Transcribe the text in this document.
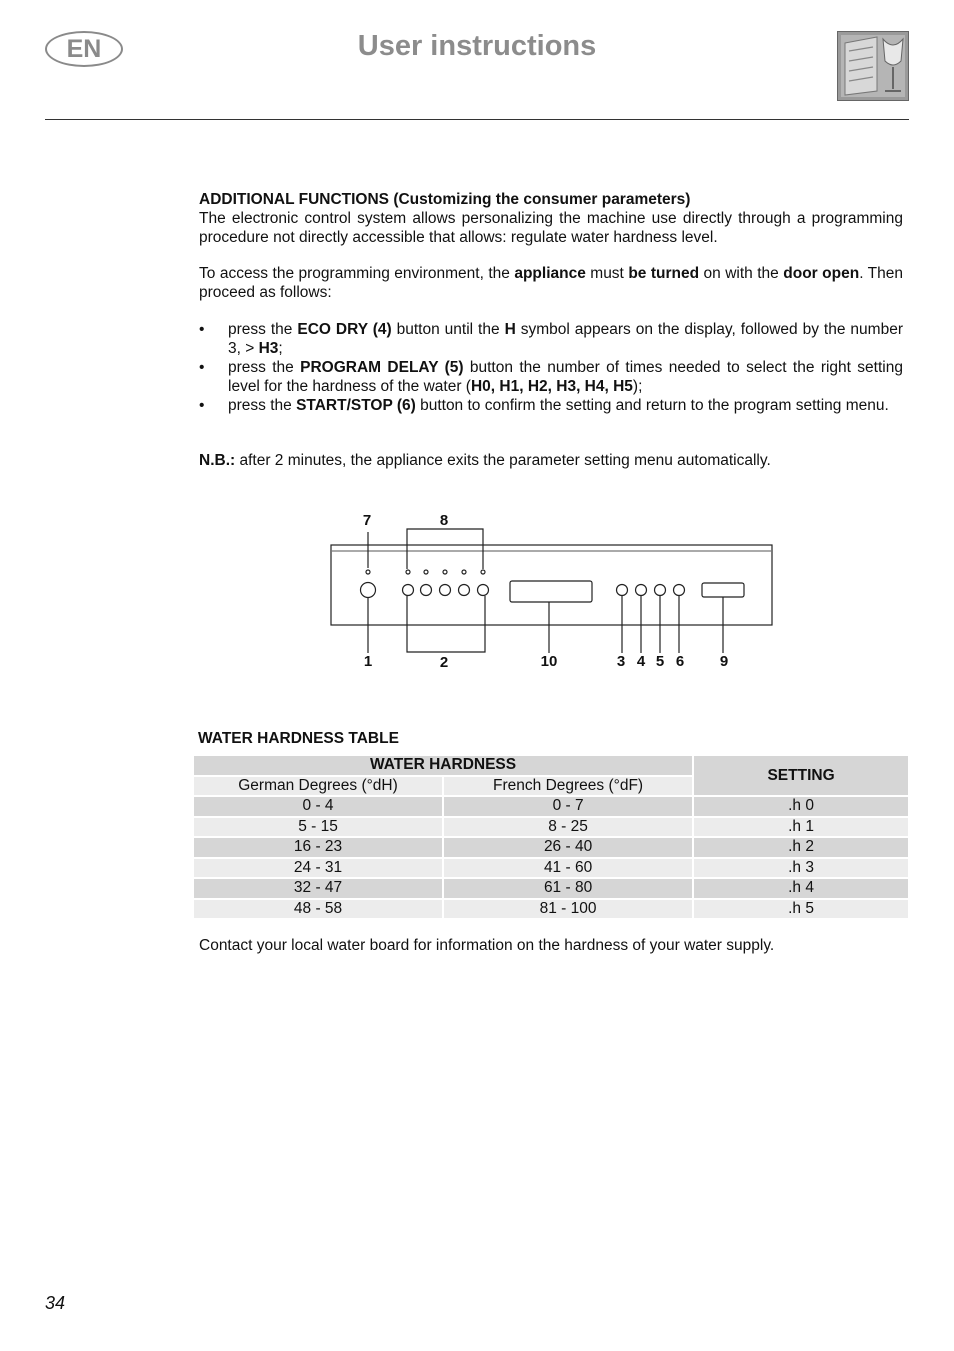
EN	User instructions
ADDITIONAL FUNCTIONS (Customizing the consumer parameters)
The electronic control system allows personalizing the machine use directly through a programming procedure not directly accessible that allows: regulate water hardness level.
To access the programming environment, the appliance must be turned on with the door open. Then proceed as follows:
• press the ECO DRY (4) button until the H symbol appears on the display, followed by the number 3, > H3;
• press the PROGRAM DELAY (5) button the number of times needed to select the right setting level for the hardness of the water (H0, H1, H2, H3, H4, H5);
• press the START/STOP (6) button to confirm the setting and return to the program setting menu.
N.B.: after 2 minutes, the appliance exits the parameter setting menu automatically.
7	8
1	2	10	3 4 5 6 9
WATER HARDNESS TABLE
WATER HARDNESS		SETTING
German Degrees (°dH)	French Degrees (°dF)	
0 - 4	0 - 7	.h 0
5 - 15	8 - 25	.h 1
16 - 23	26 - 40	.h 2
24 - 31	41 - 60	.h 3
32 - 47	61 - 80	.h 4
48 - 58	81 - 100	.h 5
Contact your local water board for information on the hardness of your water supply.
34
